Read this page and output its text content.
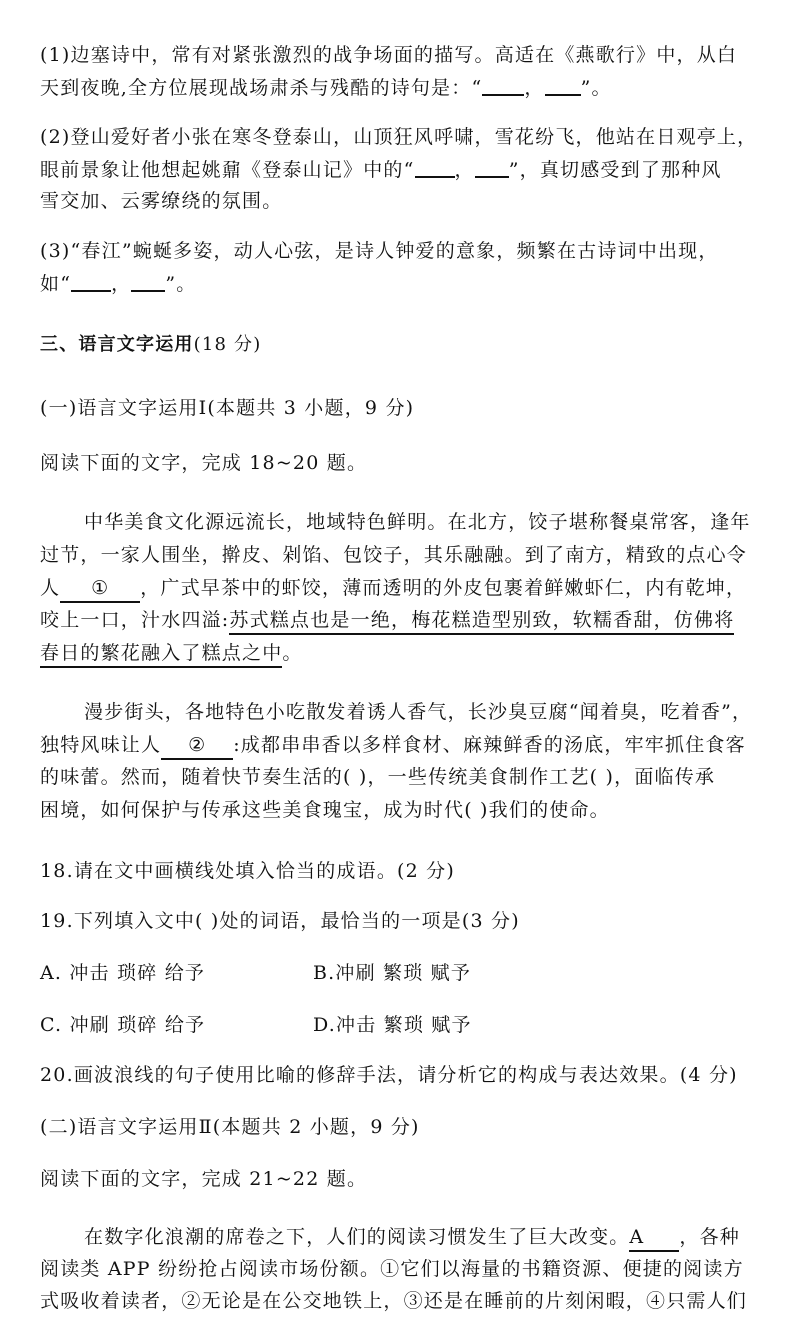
(1)边塞诗中，常有对紧张激烈的战争场面的描写。高适在《燕歌行》中，从白
天到夜晚,全方位展现战场肃杀与残酷的诗句是：“ ， ”。
(2)登山爱好者小张在寒冬登泰山，山顶狂风呼啸，雪花纷飞，他站在日观亭上，
眼前景象让他想起姚鼐《登泰山记》中的“ ， ”，真切感受到了那种风
雪交加、云雾缭绕的氛围。
(3)“春江”蜿蜒多姿，动人心弦，是诗人钟爱的意象，频繁在古诗词中出现，
如“ ， ”。
三、语言文字运用(18 分)
(一)语言文字运用Ⅰ(本题共 3 小题，9 分)
阅读下面的文字，完成 18~20 题。
中华美食文化源远流长，地域特色鲜明。在北方，饺子堪称餐桌常客，逢年
过节，一家人围坐，擀皮、剁馅、包饺子，其乐融融。到了南方，精致的点心令
人 ① ，广式早茶中的虾饺，薄而透明的外皮包裹着鲜嫩虾仁，内有乾坤，
咬上一口，汁水四溢:苏式糕点也是一绝，梅花糕造型别致，软糯香甜，仿佛将
春日的繁花融入了糕点之中。
漫步街头，各地特色小吃散发着诱人香气，长沙臭豆腐“闻着臭，吃着香”，
独特风味让人 ② :成都串串香以多样食材、麻辣鲜香的汤底，牢牢抓住食客
的味蕾。然而，随着快节奏生活的( )，一些传统美食制作工艺( )，面临传承
困境，如何保护与传承这些美食瑰宝，成为时代( )我们的使命。
18.请在文中画横线处填入恰当的成语。(2 分)
19.下列填入文中( )处的词语，最恰当的一项是(3 分)
A. 冲击 琐碎 给予	B.冲刷 繁琐 赋予
C. 冲刷 琐碎 给予	D.冲击 繁琐 赋予
20.画波浪线的句子使用比喻的修辞手法，请分析它的构成与表达效果。(4 分)
(二)语言文字运用Ⅱ(本题共 2 小题，9 分)
阅读下面的文字，完成 21~22 题。
在数字化浪潮的席卷之下，人们的阅读习惯发生了巨大改变。A ，各种
阅读类 APP 纷纷抢占阅读市场份额。①它们以海量的书籍资源、便捷的阅读方
式吸收着读者，②无论是在公交地铁上，③还是在睡前的片刻闲暇，④只需人们
